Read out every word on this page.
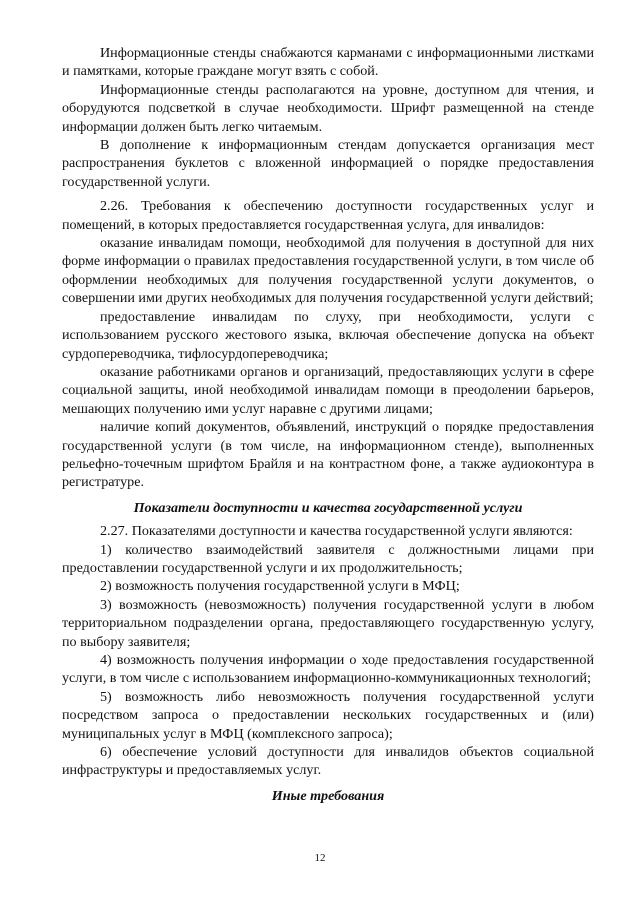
Информационные стенды снабжаются карманами с информационными листками и памятками, которые граждане могут взять с собой.

Информационные стенды располагаются на уровне, доступном для чтения, и оборудуются подсветкой в случае необходимости. Шрифт размещенной на стенде информации должен быть легко читаемым.

В дополнение к информационным стендам допускается организация мест распространения буклетов с вложенной информацией о порядке предоставления государственной услуги.

2.26. Требования к обеспечению доступности государственных услуг и помещений, в которых предоставляется государственная услуга, для инвалидов:

оказание инвалидам помощи, необходимой для получения в доступной для них форме информации о правилах предоставления государственной услуги, в том числе об оформлении необходимых для получения государственной услуги документов, о совершении ими других необходимых для получения государственной услуги действий;

предоставление инвалидам по слуху, при необходимости, услуги с использованием русского жестового языка, включая обеспечение допуска на объект сурдопереводчика, тифлосурдопереводчика;

оказание работниками органов и организаций, предоставляющих услуги в сфере социальной защиты, иной необходимой инвалидам помощи в преодолении барьеров, мешающих получению ими услуг наравне с другими лицами;

наличие копий документов, объявлений, инструкций о порядке предоставления государственной услуги (в том числе, на информационном стенде), выполненных рельефно-точечным шрифтом Брайля и на контрастном фоне, а также аудиоконтура в регистратуре.

Показатели доступности и качества государственной услуги

2.27. Показателями доступности и качества государственной услуги являются:

1) количество взаимодействий заявителя с должностными лицами при предоставлении государственной услуги и их продолжительность;

2) возможность получения государственной услуги в МФЦ;

3) возможность (невозможность) получения государственной услуги в любом территориальном подразделении органа, предоставляющего государственную услугу, по выбору заявителя;

4) возможность получения информации о ходе предоставления государственной услуги, в том числе с использованием информационно-коммуникационных технологий;

5) возможность либо невозможность получения государственной услуги посредством запроса о предоставлении нескольких государственных и (или) муниципальных услуг в МФЦ (комплексного запроса);

6) обеспечение условий доступности для инвалидов объектов социальной инфраструктуры и предоставляемых услуг.

Иные требования
12
